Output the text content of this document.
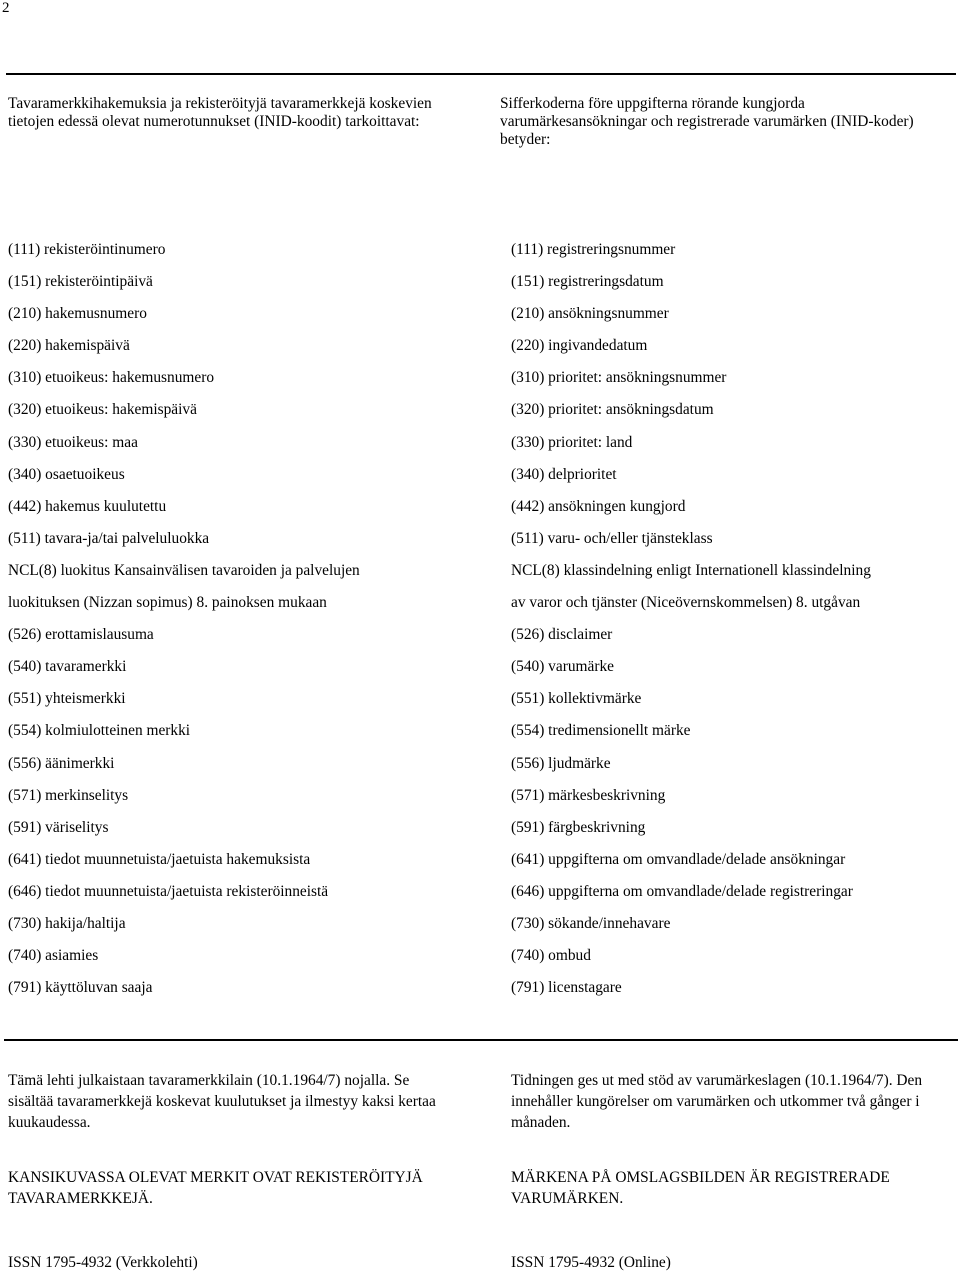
2
Tavaramerkkihakemuksia ja rekisteröityjä tavaramerkkejä koskevien tietojen edessä olevat numerotunnukset (INID-koodit) tarkoittavat:
Sifferkoderna före uppgifterna rörande kungjorda varumärkesansökningar och registrerade varumärken (INID-koder) betyder:
(111) rekisteröintinumero
(151) rekisteröintipäivä
(210) hakemusnumero
(220) hakemispäivä
(310) etuoikeus: hakemusnumero
(320) etuoikeus: hakemispäivä
(330) etuoikeus: maa
(340) osaetuoikeus
(442) hakemus kuulutettu
(511) tavara-ja/tai palveluluokka
NCL(8) luokitus Kansainvälisen tavaroiden ja palvelujen
luokituksen (Nizzan sopimus) 8. painoksen mukaan
(526) erottamislausuma
(540) tavaramerkki
(551) yhteismerkki
(554) kolmiulotteinen merkki
(556) äänimerkki
(571) merkinselitys
(591) väriselitys
(641) tiedot muunnetuista/jaetuista hakemuksista
(646) tiedot muunnetuista/jaetuista rekisteröinneistä
(730) hakija/haltija
(740) asiamies
(791) käyttöluvan saaja
(111) registreringsnummer
(151) registreringsdatum
(210) ansökningsnummer
(220) ingivandedatum
(310) prioritet: ansökningsnummer
(320) prioritet: ansökningsdatum
(330) prioritet: land
(340) delprioritet
(442) ansökningen kungjord
(511) varu- och/eller tjänsteklass
NCL(8) klassindelning enligt Internationell klassindelning
av varor och tjänster (Niceövernskommelsen) 8. utgåvan
(526) disclaimer
(540) varumärke
(551) kollektivmärke
(554) tredimensionellt märke
(556) ljudmärke
(571) märkesbeskrivning
(591) färgbeskrivning
(641) uppgifterna om omvandlade/delade ansökningar
(646) uppgifterna om omvandlade/delade registreringar
(730) sökande/innehavare
(740) ombud
(791) licenstagare
Tämä lehti julkaistaan tavaramerkkilain (10.1.1964/7) nojalla. Se sisältää tavaramerkkejä koskevat kuulutukset ja ilmestyy kaksi kertaa kuukaudessa.
Tidningen ges ut med stöd av varumärkeslagen (10.1.1964/7). Den innehåller kungörelser om varumärken och utkommer två gånger i månaden.
KANSIKUVASSA OLEVAT MERKIT OVAT REKISTERÖITYJÄ TAVARAMERKKEJÄ.
MÄRKENA PÅ OMSLAGSBILDEN ÄR REGISTRERADE VARUMÄRKEN.
ISSN 1795-4932 (Verkkolehti)	ISSN 1795-4932 (Online)
